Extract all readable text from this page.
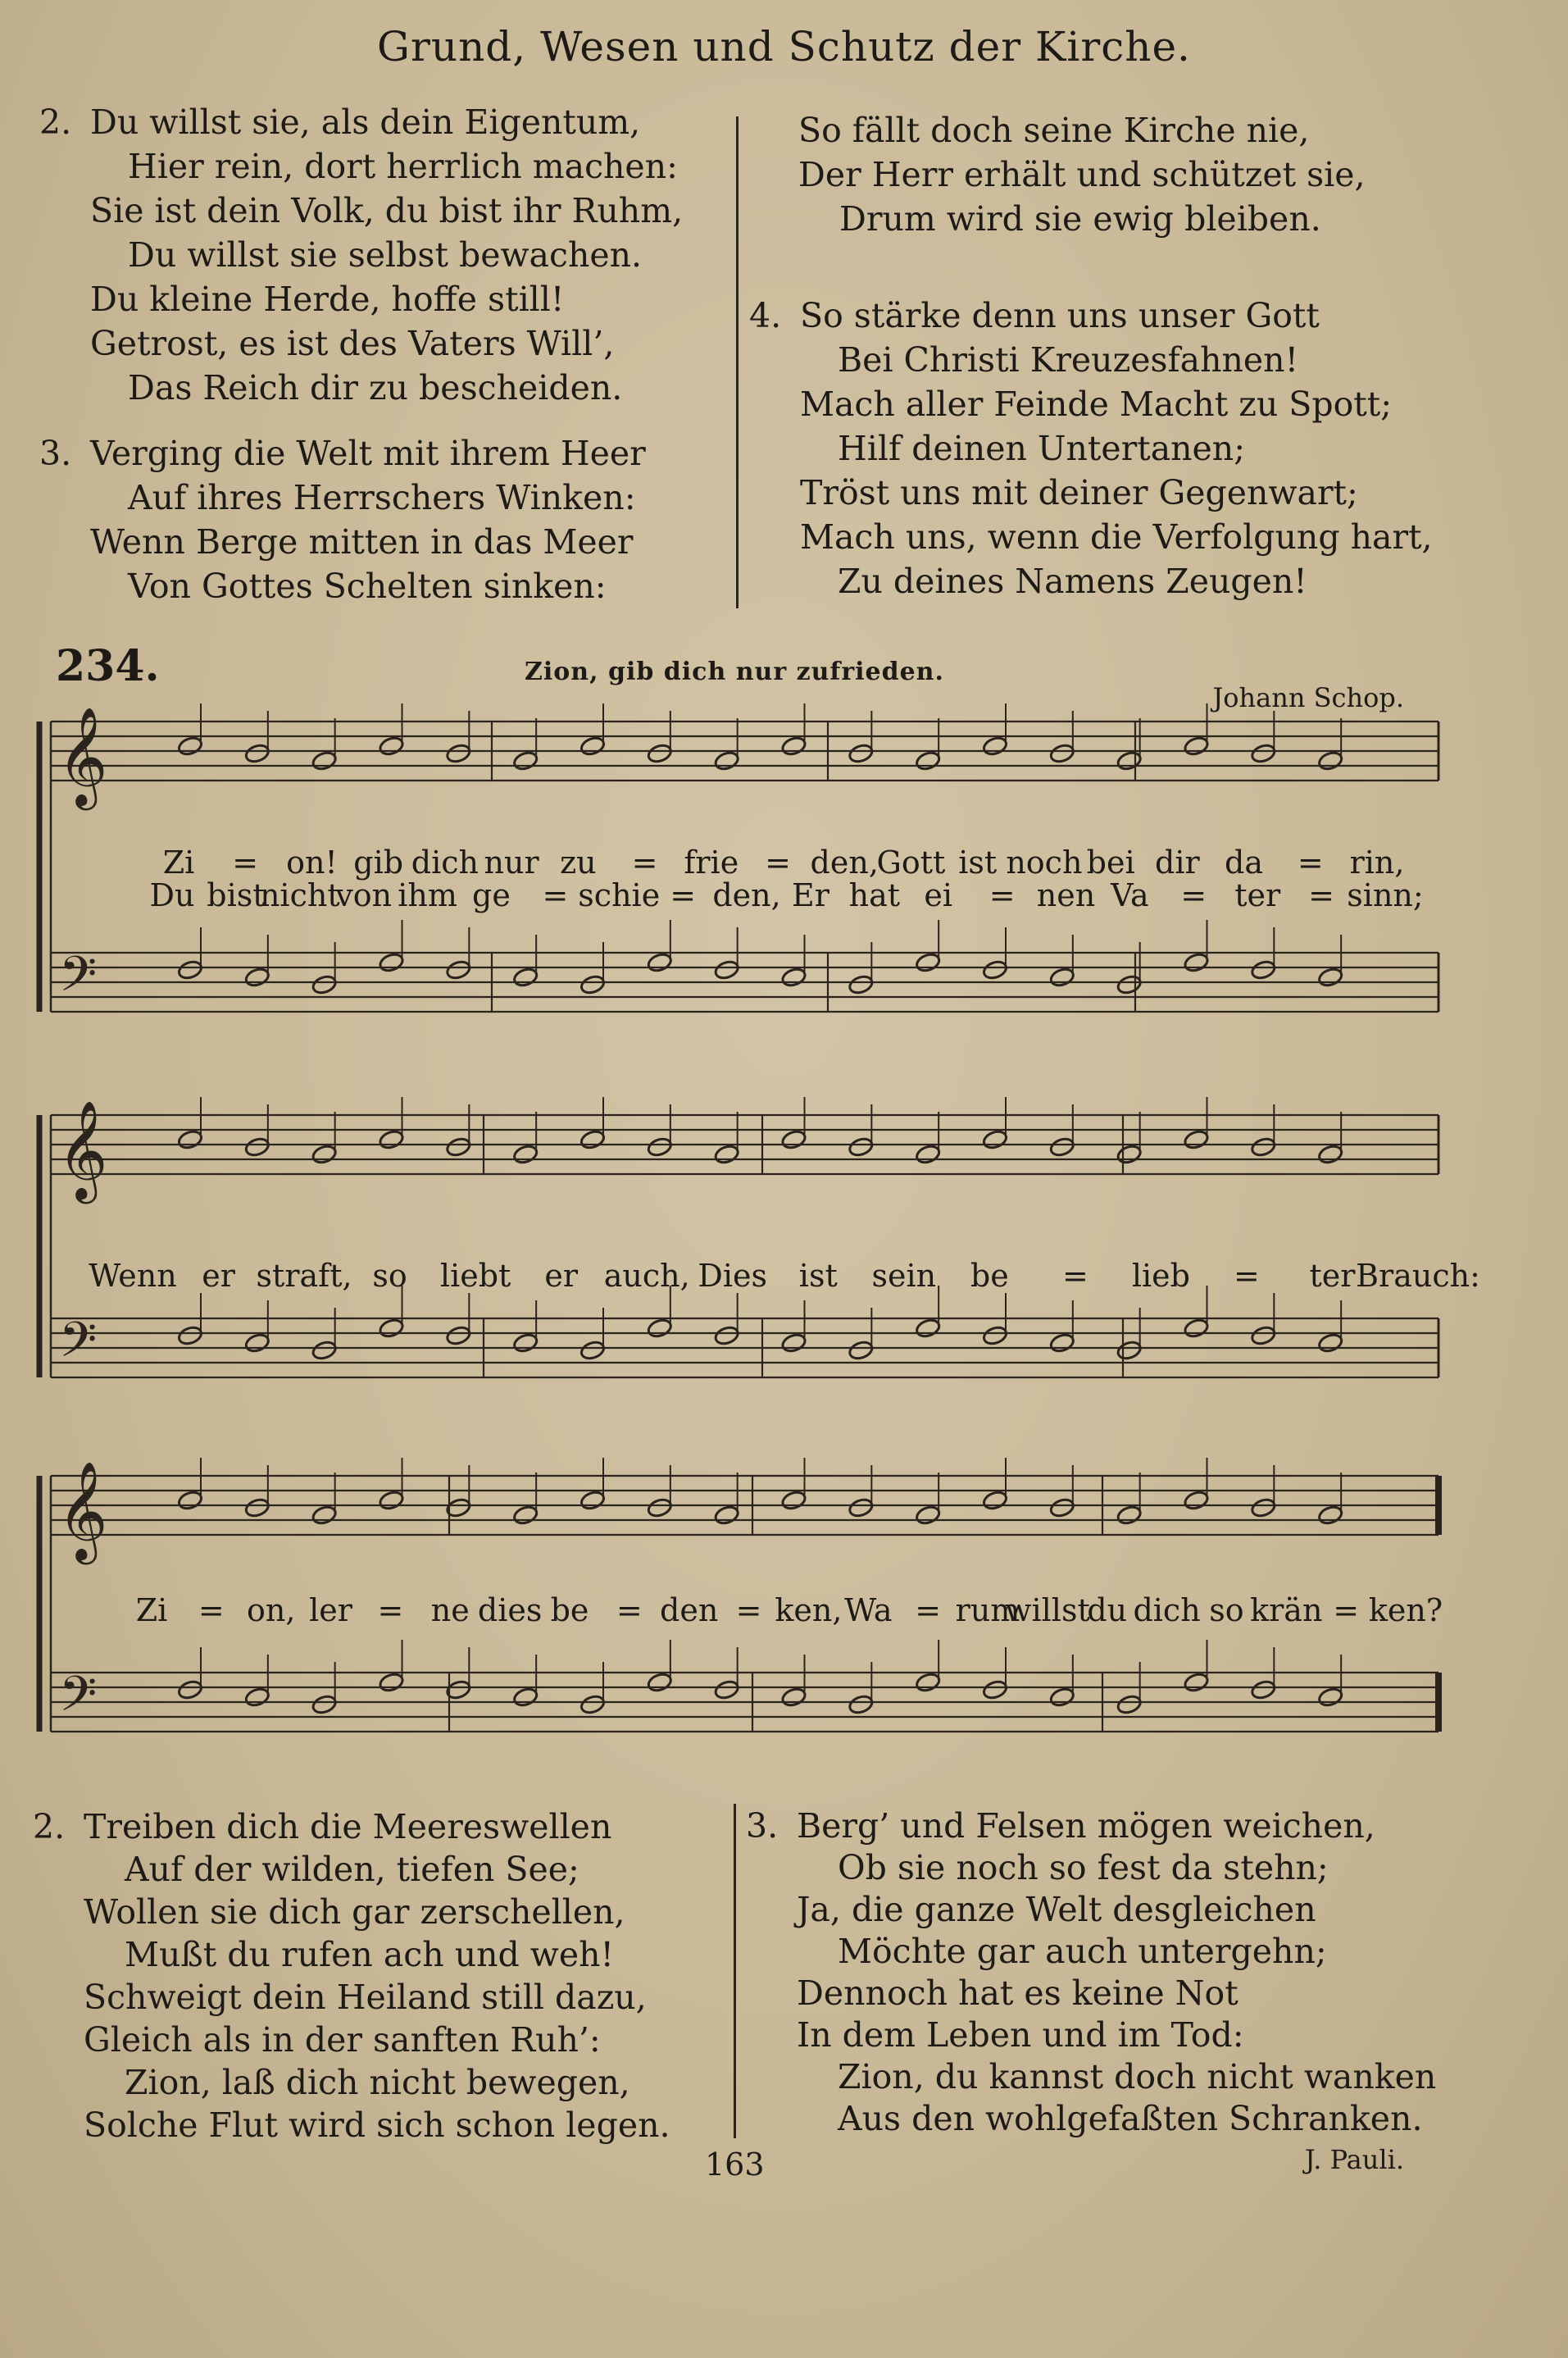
Grund, Wesen und Schutz der Kirche.
2. Du willst sie, als dein Eigentum,
Hier rein, dort herrlich machen:
Sie ist dein Volk, du bist ihr Ruhm,
Du willst sie selbst bewachen.
Du kleine Herde, hoffe still!
Getrost, es ist des Vaters Will’,
Das Reich dir zu bescheiden.
3. Verging die Welt mit ihrem Heer
Auf ihres Herrschers Winken:
Wenn Berge mitten in das Meer
Von Gottes Schelten sinken:
So fällt doch seine Kirche nie,
Der Herr erhält und schützet sie,
Drum wird sie ewig bleiben.
4. So stärke denn uns unser Gott
Bei Christi Kreuzesfahnen!
Mach aller Feinde Macht zu Spott;
Hilf deinen Untertanen;
Tröst uns mit deiner Gegenwart;
Mach uns, wenn die Verfolgung hart,
Zu deines Namens Zeugen!
234.	Zion, gib dich nur zufrieden.
Johann Schop.
𝄞
𝄢
𝄞
𝄢
𝄞
𝄢
Zi = on! gib dich nur zu = frie = den,
Gott ist noch bei dir da = rin,
Du bist
nicht
von ihm ge = schie = den, Er hat ei = nen Va = ter = sinn;
Wenn er straft, so liebt er auch, Dies ist sein be = lieb = ter Brauch:
Zi = on, ler = ne dies be = den = ken, Wa = rum
willst
du dich so krän = ken?
2. Treiben dich die Meereswellen
Auf der wilden, tiefen See;
Wollen sie dich gar zerschellen,
Mußt du rufen ach und weh!
Schweigt dein Heiland still dazu,
Gleich als in der sanften Ruh’:
Zion, laß dich nicht bewegen,
Solche Flut wird sich schon legen.
3. Berg’ und Felsen mögen weichen,
Ob sie noch so fest da stehn;
Ja, die ganze Welt desgleichen
Möchte gar auch untergehn;
Dennoch hat es keine Not
In dem Leben und im Tod:
Zion, du kannst doch nicht wanken
Aus den wohlgefaßten Schranken.
163	J. Pauli.
